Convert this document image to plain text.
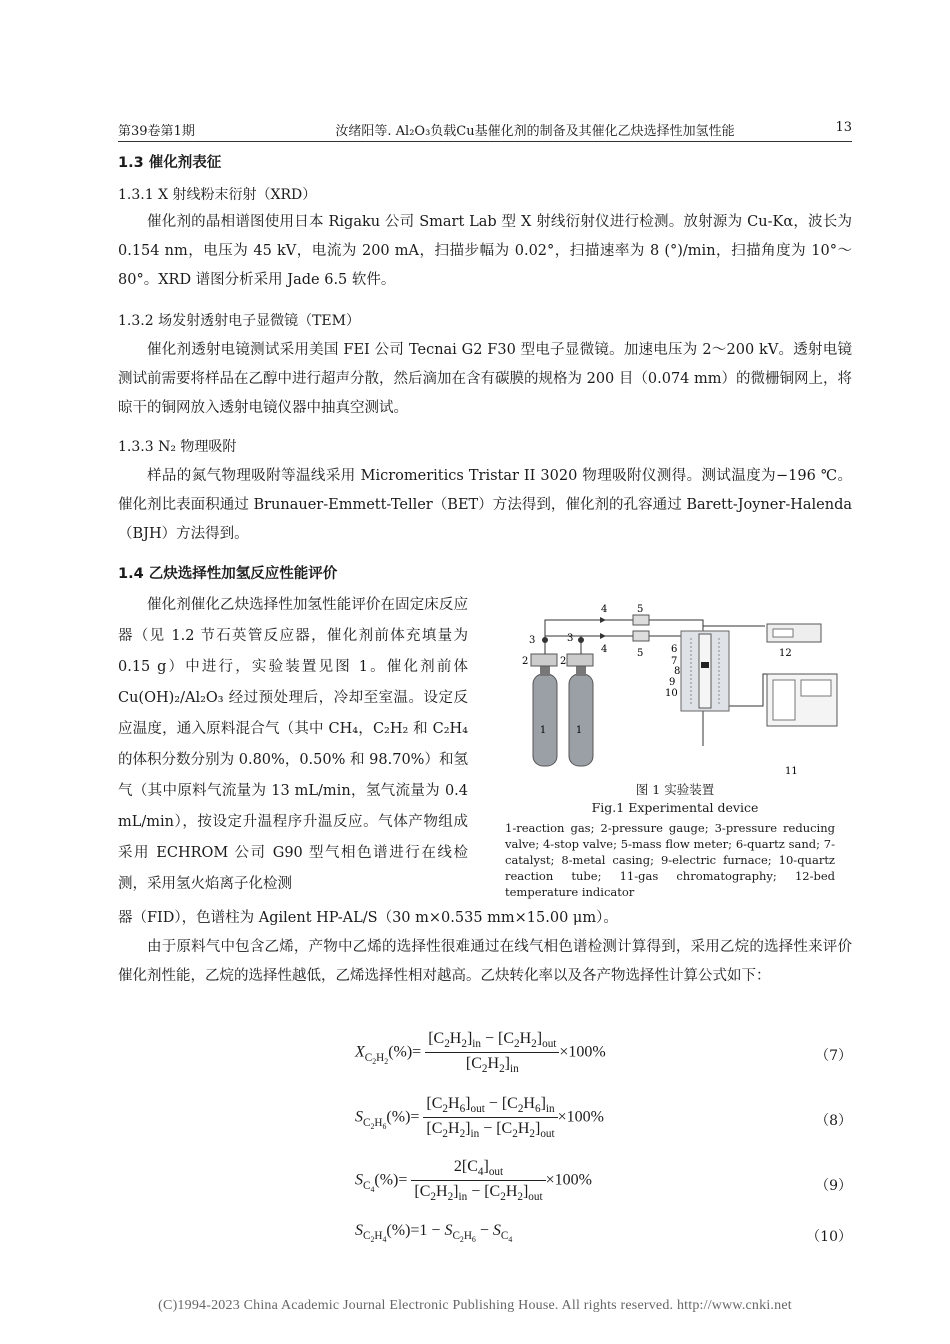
第39卷第1期	汝绪阳等. Al₂O₃负载Cu基催化剂的制备及其催化乙炔选择性加氢性能	13
1.3 催化剂表征
1.3.1 X 射线粉末衍射（XRD）
催化剂的晶相谱图使用日本 Rigaku 公司 Smart Lab 型 X 射线衍射仪进行检测。放射源为 Cu-Kα，波长为 0.154 nm，电压为 45 kV，电流为 200 mA，扫描步幅为 0.02°，扫描速率为 8 (°)/min，扫描角度为 10°～80°。XRD 谱图分析采用 Jade 6.5 软件。
1.3.2 场发射透射电子显微镜（TEM）
催化剂透射电镜测试采用美国 FEI 公司 Tecnai G2 F30 型电子显微镜。加速电压为 2～200 kV。透射电镜测试前需要将样品在乙醇中进行超声分散，然后滴加在含有碳膜的规格为 200 目（0.074 mm）的微栅铜网上，将晾干的铜网放入透射电镜仪器中抽真空测试。
1.3.3 N₂ 物理吸附
样品的氮气物理吸附等温线采用 Micromeritics Tristar II 3020 物理吸附仪测得。测试温度为−196 ℃。催化剂比表面积通过 Brunauer-Emmett-Teller（BET）方法得到，催化剂的孔容通过 Barett-Joyner-Halenda（BJH）方法得到。
1.4 乙炔选择性加氢反应性能评价
催化剂催化乙炔选择性加氢性能评价在固定床反应器（见 1.2 节石英管反应器，催化剂前体充填量为 0.15 g）中进行，实验装置见图 1。催化剂前体 Cu(OH)₂/Al₂O₃ 经过预处理后，冷却至室温。设定反应温度，通入原料混合气（其中 CH₄，C₂H₂ 和 C₂H₄ 的体积分数分别为 0.80%，0.50% 和 98.70%）和氢气（其中原料气流量为 13 mL/min，氢气流量为 0.4 mL/min），按设定升温程序升温反应。气体产物组成采用 ECHROM 公司 G90 型气相色谱进行在线检测，采用氢火焰离子化检测
器（FID），色谱柱为 Agilent HP-AL/S（30 m×0.535 mm×15.00 μm）。
由于原料气中包含乙烯，产物中乙烯的选择性很难通过在线气相色谱检测计算得到，采用乙烷的选择性来评价催化剂性能，乙烷的选择性越低，乙烯选择性相对越高。乙炔转化率以及各产物选择性计算公式如下：
1	1
2	2
3	3
4
4
5
5	6
7
8
9
10
11
12
图 1 实验装置
Fig.1 Experimental device
1-reaction gas; 2-pressure gauge; 3-pressure reducing valve; 4-stop valve; 5-mass flow meter; 6-quartz sand; 7-catalyst; 8-metal casing; 9-electric furnace; 10-quartz reaction tube; 11-gas chromatography; 12-bed temperature indicator
$X_{C_2H_2}(\%)= \frac{[C_2H_2]_{in} - [C_2H_2]_{out}}{[C_2H_2]_{in}} \times 100\%$	（7）
$S_{C_2H_6}(\%)= \frac{[C_2H_6]_{out} - [C_2H_6]_{in}}{[C_2H_2]_{in} - [C_2H_2]_{out}} \times 100\%$	（8）
$S_{C_4}(\%)= \frac{2[C_4]_{out}}{[C_2H_2]_{in} - [C_2H_2]_{out}} \times 100\%$	（9）
$S_{C_2H_4}(\%)=1 - S_{C_2H_6} - S_{C_4}$	（10）
(C)1994-2023 China Academic Journal Electronic Publishing House. All rights reserved. http://www.cnki.net
